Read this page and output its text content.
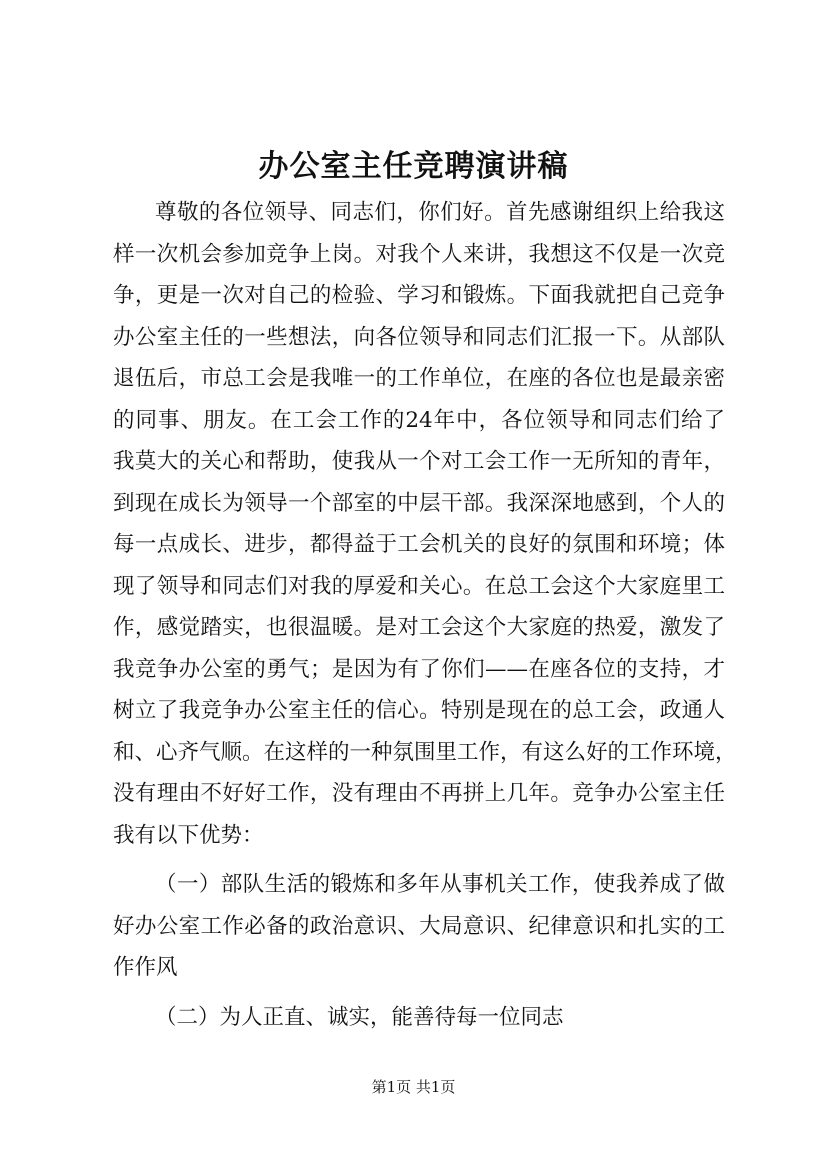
办公室主任竞聘演讲稿
尊敬的各位领导、同志们，你们好。首先感谢组织上给我这
样一次机会参加竞争上岗。对我个人来讲，我想这不仅是一次竞
争，更是一次对自己的检验、学习和锻炼。下面我就把自己竞争
办公室主任的一些想法，向各位领导和同志们汇报一下。从部队
退伍后，市总工会是我唯一的工作单位，在座的各位也是最亲密
的同事、朋友。在工会工作的24年中，各位领导和同志们给了
我莫大的关心和帮助，使我从一个对工会工作一无所知的青年，
到现在成长为领导一个部室的中层干部。我深深地感到，个人的
每一点成长、进步，都得益于工会机关的良好的氛围和环境；体
现了领导和同志们对我的厚爱和关心。在总工会这个大家庭里工
作，感觉踏实，也很温暖。是对工会这个大家庭的热爱，激发了
我竞争办公室的勇气；是因为有了你们——在座各位的支持，才
树立了我竞争办公室主任的信心。特别是现在的总工会，政通人
和、心齐气顺。在这样的一种氛围里工作，有这么好的工作环境，
没有理由不好好工作，没有理由不再拼上几年。竞争办公室主任
我有以下优势：
（一）部队生活的锻炼和多年从事机关工作，使我养成了做
好办公室工作必备的政治意识、大局意识、纪律意识和扎实的工
作作风
（二）为人正直、诚实，能善待每一位同志
第1页 共1页
